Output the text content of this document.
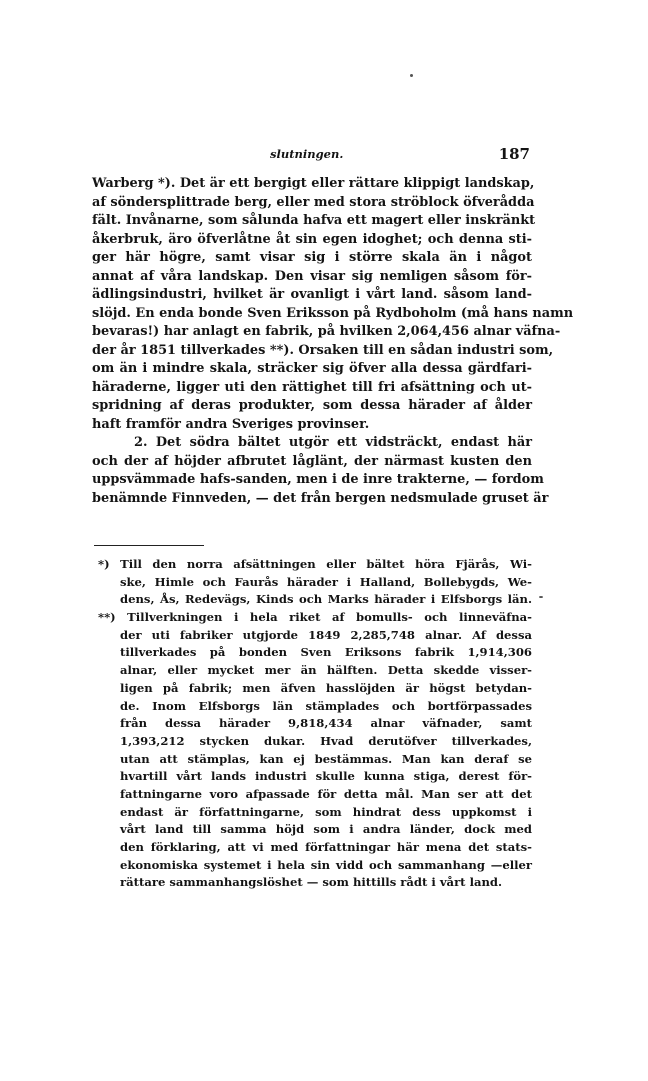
slutningen.	187
Warberg *). Det är ett bergigt eller rättare klippigt landskap,
af söndersplittrade berg, eller med stora ströblock öfverådda
fält. Invånarne, som sålunda hafva ett magert eller inskränkt
åkerbruk, äro öfverlåtne åt sin egen idoghet; och denna sti-
ger här högre, samt visar sig i större skala än i något
annat af våra landskap. Den visar sig nemligen såsom för-
ädlingsindustri, hvilket är ovanligt i vårt land. såsom land-
slöjd. En enda bonde Sven Eriksson på Rydboholm (må hans namn
bevaras!) har anlagt en fabrik, på hvilken 2,064,456 alnar väfna-
der år 1851 tillverkades **). Orsaken till en sådan industri som,
om än i mindre skala, sträcker sig öfver alla dessa gärdfari-
häraderne, ligger uti den rättighet till fri afsättning och ut-
spridning af deras produkter, som dessa härader af ålder
haft framför andra Sveriges provinser.
2. Det södra bältet utgör ett vidsträckt, endast här
och der af höjder afbrutet låglänt, der närmast kusten den
uppsvämmade hafs-sanden, men i de inre trakterne, — fordom
benämnde Finnveden, — det från bergen nedsmulade gruset är
*) Till den norra afsättningen eller bältet höra Fjärås, Wi-
ske, Himle och Faurås härader i Halland, Bollebygds, We-
dens, Ås, Redevägs, Kinds och Marks härader i Elfsborgs län.
**) Tillverkningen i hela riket af bomulls- och linneväfna-
der uti fabriker utgjorde 1849 2,285,748 alnar. Af dessa
tillverkades på bonden Sven Eriksons fabrik 1,914,306
alnar, eller mycket mer än hälften. Detta skedde visser-
ligen på fabrik; men äfven hasslöjden är högst betydan-
de. Inom Elfsborgs län stämplades och bortförpassades
från dessa härader 9,818,434 alnar väfnader, samt
1,393,212 stycken dukar. Hvad derutöfver tillverkades,
utan att stämplas, kan ej bestämmas. Man kan deraf se
hvartill vårt lands industri skulle kunna stiga, derest för-
fattningarne voro afpassade för detta mål. Man ser att det
endast är författningarne, som hindrat dess uppkomst i
vårt land till samma höjd som i andra länder, dock med
den förklaring, att vi med författningar här mena det stats-
ekonomiska systemet i hela sin vidd och sammanhang —eller
rättare sammanhangslöshet — som hittills rådt i vårt land.
